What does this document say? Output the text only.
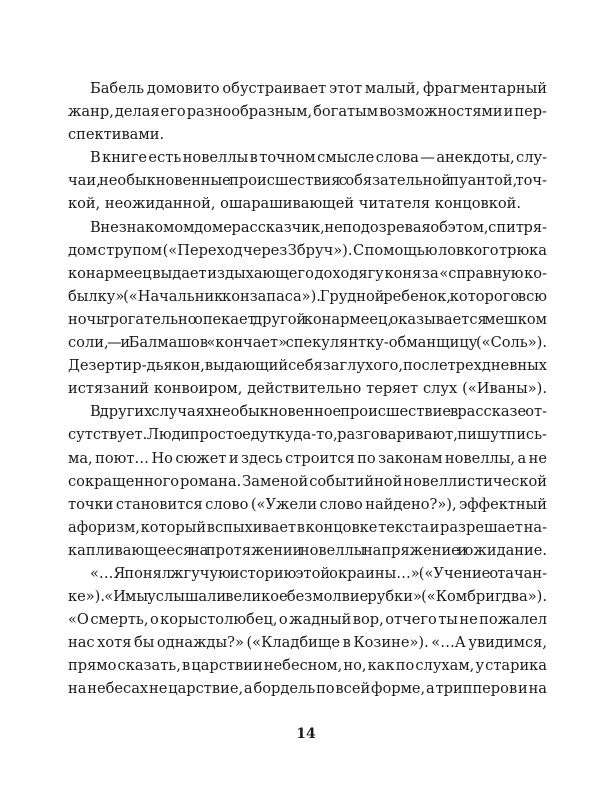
Бабель домовито обустраивает этот малый, фрагментарный
жанр, делая его разнообразным, богатым возможностями и пер-
спективами.
В книге есть новеллы в точном смысле слова — анекдоты, слу-
чаи, необыкновенные происшествия с обязательной пуантой, точ-
кой, неожиданной, ошарашивающей читателя концовкой.
В незнакомом доме рассказчик, не подозревая об этом, спит ря-
дом с трупом («Переход через Збруч»). С помощью ловкого трюка
конармеец выдает издыхающего доходягу коня за «справную ко-
былку» («Начальник конзапаса»). Грудной ребенок, которого всю
ночь трогательно опекает другой конармеец, оказывается мешком
соли, — и Балмашов «кончает» спекулянтку-обманщицу («Соль»).
Дезертир-дьякон, выдающий себя за глухого, после трехдневных
истязаний конвоиром, действительно теряет слух («Иваны»).
В других случаях необыкновенное происшествие в рассказе от-
сутствует. Люди просто едут куда-то, разговаривают, пишут пись-
ма, поют… Но сюжет и здесь строится по законам новеллы, а не
сокращенного романа. Заменой событийной новеллистической
точки становится слово («Ужели слово найдено?»), эффектный
афоризм, который вспыхивает в концовке текста и разрешает на-
капливающееся на протяжении новеллы напряжение и ожидание.
«…Я понял жгучую историю этой окраины…» («Учение о тачан-
ке»). «И мы услышали великое безмолвие рубки» («Комбриг два»).
«О смерть, о корыстолюбец, о жадный вор, отчего ты не пожалел
нас хотя бы однажды?» («Кладбище в Козине»). «…А увидимся,
прямо сказать, в царствии небесном, но, как по слухам, у старика
на небесах не царствие, а бордель по всей форме, а трипперов и на
14
